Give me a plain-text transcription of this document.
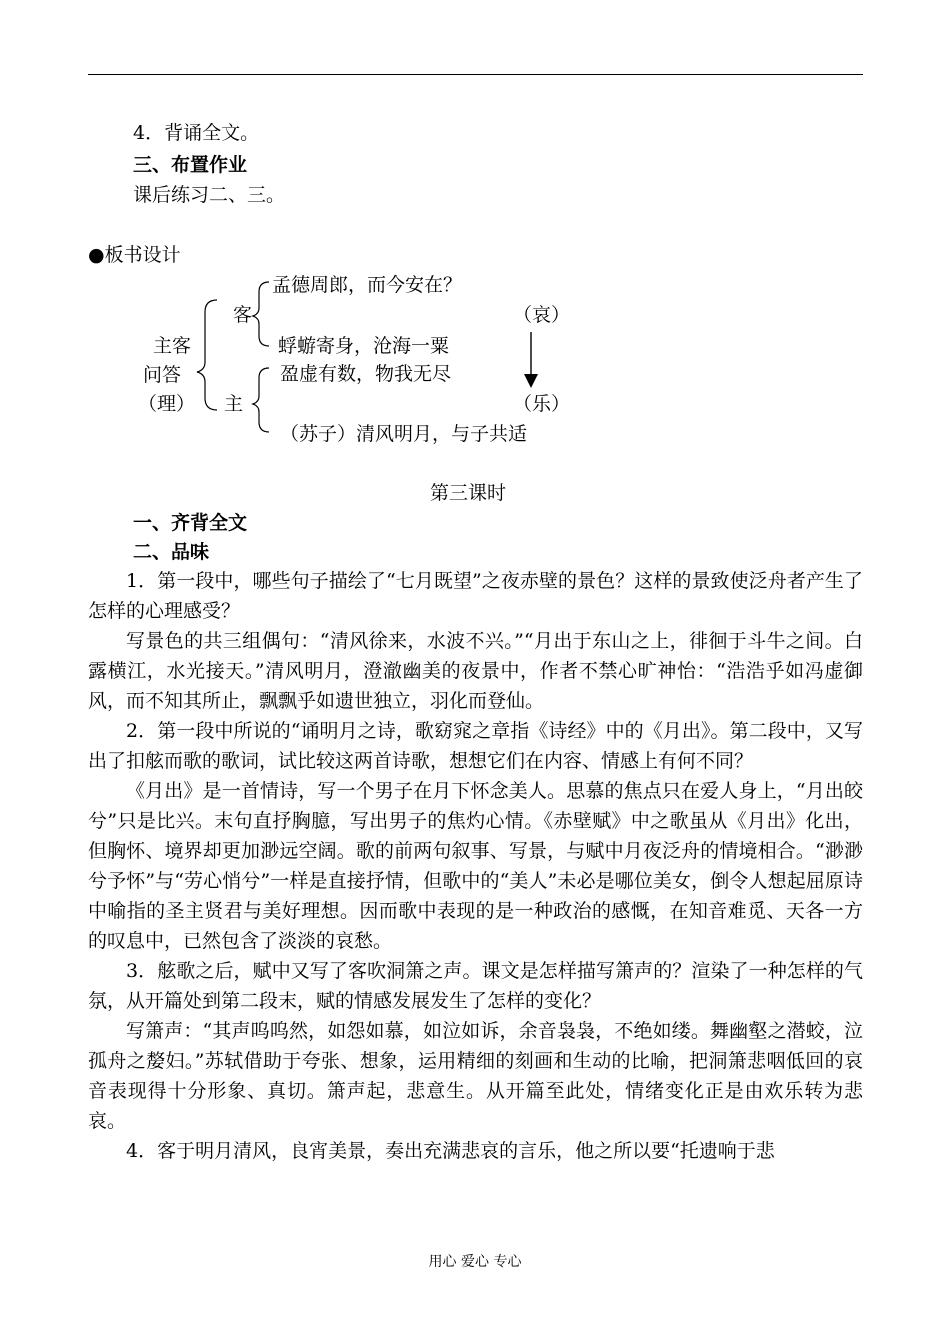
4．背诵全文。
三、布置作业
课后练习二、三。
●板书设计
主客
问答
（理）
客
主
孟德周郎，而今安在？
蜉蝣寄身，沧海一粟
盈虚有数，物我无尽
（苏子）清风明月，与子共适
（哀）
（乐）
第三课时
一、齐背全文
二、品味

1．第一段中，哪些句子描绘了“七月既望”之夜赤壁的景色？这样的景致使泛舟者产生了怎样的心理感受？

写景色的共三组偶句：“清风徐来，水波不兴。”“月出于东山之上，徘徊于斗牛之间。白露横江，水光接天。”清风明月，澄澈幽美的夜景中，作者不禁心旷神怡：“浩浩乎如冯虚御风，而不知其所止，飘飘乎如遗世独立，羽化而登仙。

2．第一段中所说的“诵明月之诗，歌窈窕之章指《诗经》中的《月出》。第二段中，又写出了扣舷而歌的歌词，试比较这两首诗歌，想想它们在内容、情感上有何不同？

《月出》是一首情诗，写一个男子在月下怀念美人。思慕的焦点只在爱人身上，“月出皎兮”只是比兴。末句直抒胸臆，写出男子的焦灼心情。《赤壁赋》中之歌虽从《月出》化出，但胸怀、境界却更加渺远空阔。歌的前两句叙事、写景，与赋中月夜泛舟的情境相合。“渺渺兮予怀”与“劳心悄兮”一样是直接抒情，但歌中的“美人”未必是哪位美女，倒令人想起屈原诗中喻指的圣主贤君与美好理想。因而歌中表现的是一种政治的感慨，在知音难觅、天各一方的叹息中，已然包含了淡淡的哀愁。

3．舷歌之后，赋中又写了客吹洞箫之声。课文是怎样描写箫声的？渲染了一种怎样的气氛，从开篇处到第二段末，赋的情感发展发生了怎样的变化？

写箫声：“其声呜呜然，如怨如慕，如泣如诉，余音袅袅，不绝如缕。舞幽壑之潜蛟，泣孤舟之嫠妇。”苏轼借助于夸张、想象，运用精细的刻画和生动的比喻，把洞箫悲咽低回的哀音表现得十分形象、真切。箫声起，悲意生。从开篇至此处，情绪变化正是由欢乐转为悲哀。

4．客于明月清风，良宵美景，奏出充满悲哀的言乐，他之所以要“托遗响于悲

用心 爱心 专心
